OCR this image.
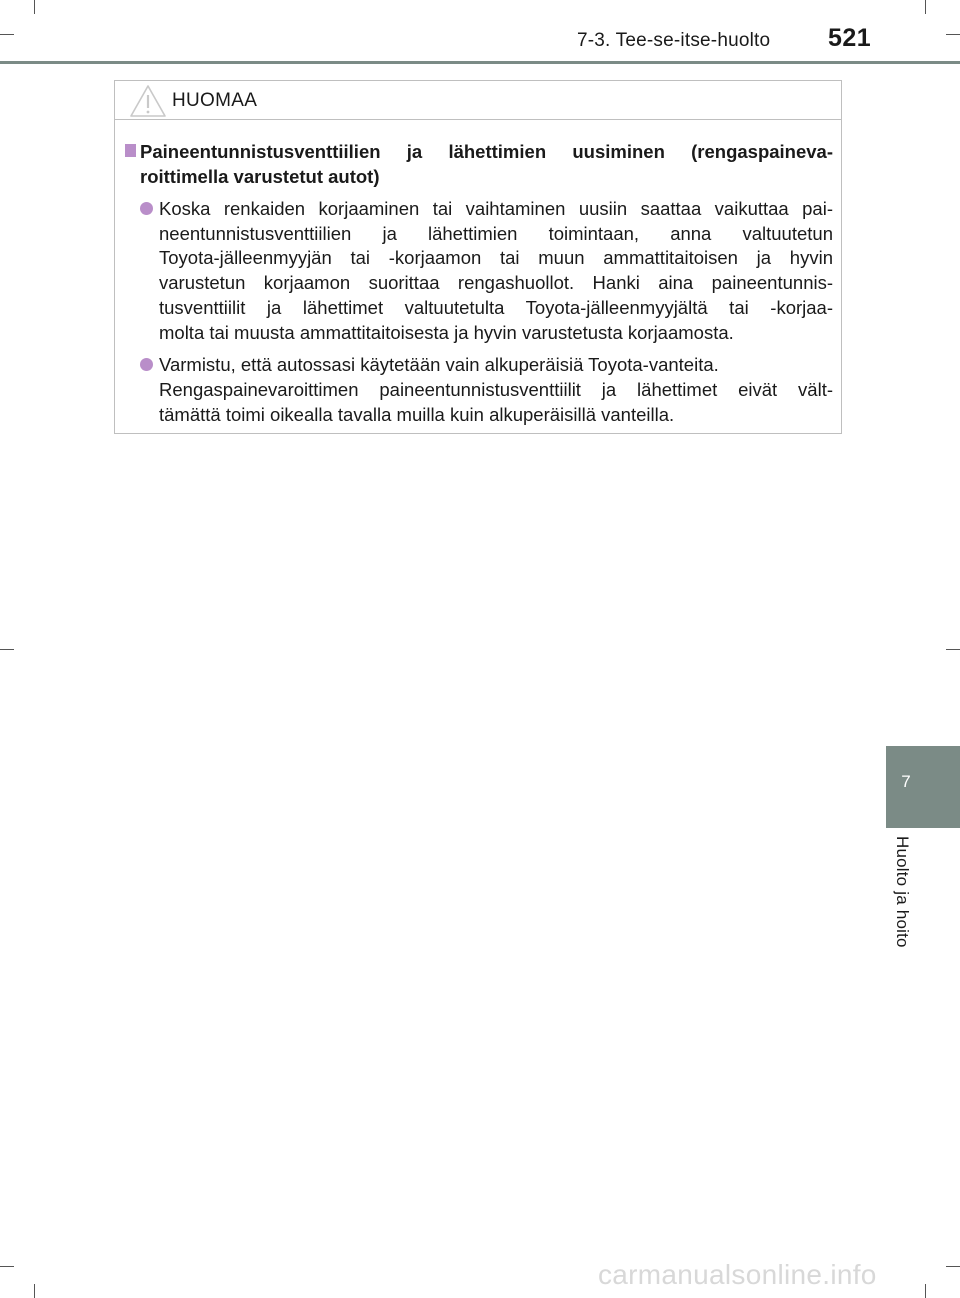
7-3. Tee-se-itse-huolto 521
HUOMAA
Paineentunnistusventtiilien ja lähettimien uusiminen (rengaspaineva-
roittimella varustetut autot)
Koska renkaiden korjaaminen tai vaihtaminen uusiin saattaa vaikuttaa pai-
neentunnistusventtiilien ja lähettimien toimintaan, anna valtuutetun
Toyota-jälleenmyyjän tai -korjaamon tai muun ammattitaitoisen ja hyvin
varustetun korjaamon suorittaa rengashuollot. Hanki aina paineentunnis-
tusventtiilit ja lähettimet valtuutetulta Toyota-jälleenmyyjältä tai -korjaa-
molta tai muusta ammattitaitoisesta ja hyvin varustetusta korjaamosta.
Varmistu, että autossasi käytetään vain alkuperäisiä Toyota-vanteita.
Rengaspainevaroittimen paineentunnistusventtiilit ja lähettimet eivät vält-
tämättä toimi oikealla tavalla muilla kuin alkuperäisillä vanteilla.
7
Huolto ja hoito
carmanualsonline.info
